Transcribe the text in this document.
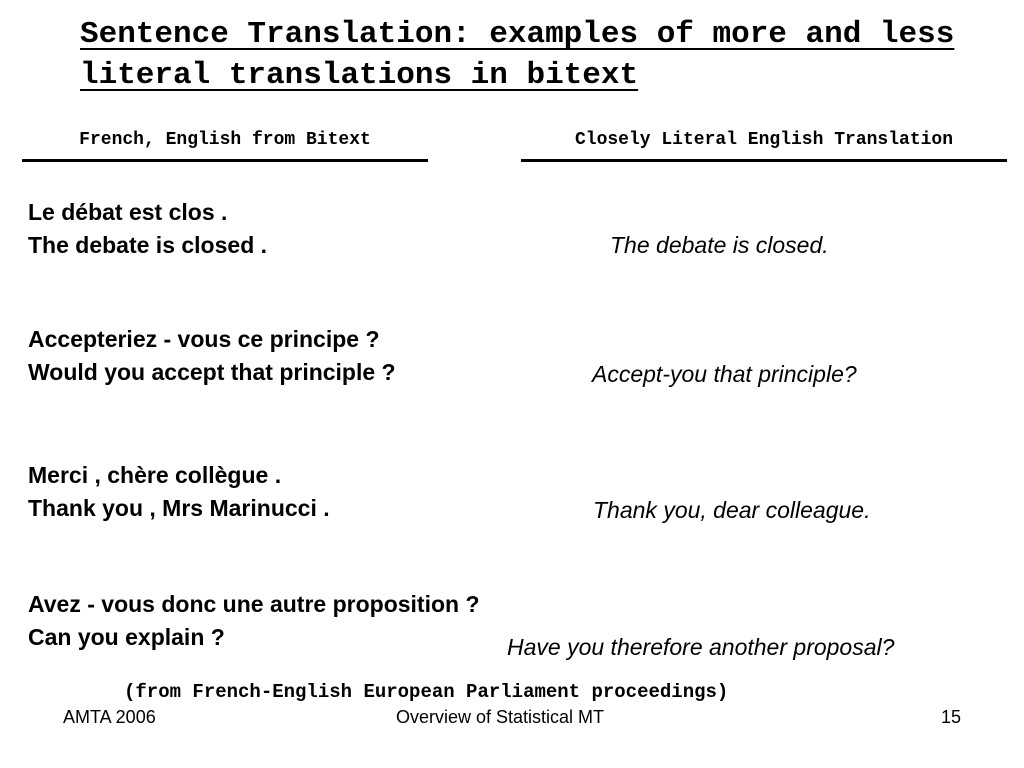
Sentence Translation: examples of more and less literal translations in bitext
French, English from Bitext	Closely Literal English Translation
Le débat est clos .
The debate is closed .	The debate is closed.
Accepteriez - vous ce principe ?
Would you accept that principle ?	Accept-you that principle?
Merci , chère collègue .
Thank you , Mrs Marinucci .	Thank you, dear colleague.
Avez - vous donc une autre proposition ?
Can you explain ?	Have you therefore another proposal?
(from French-English European Parliament proceedings)
AMTA 2006	Overview of Statistical MT	15
